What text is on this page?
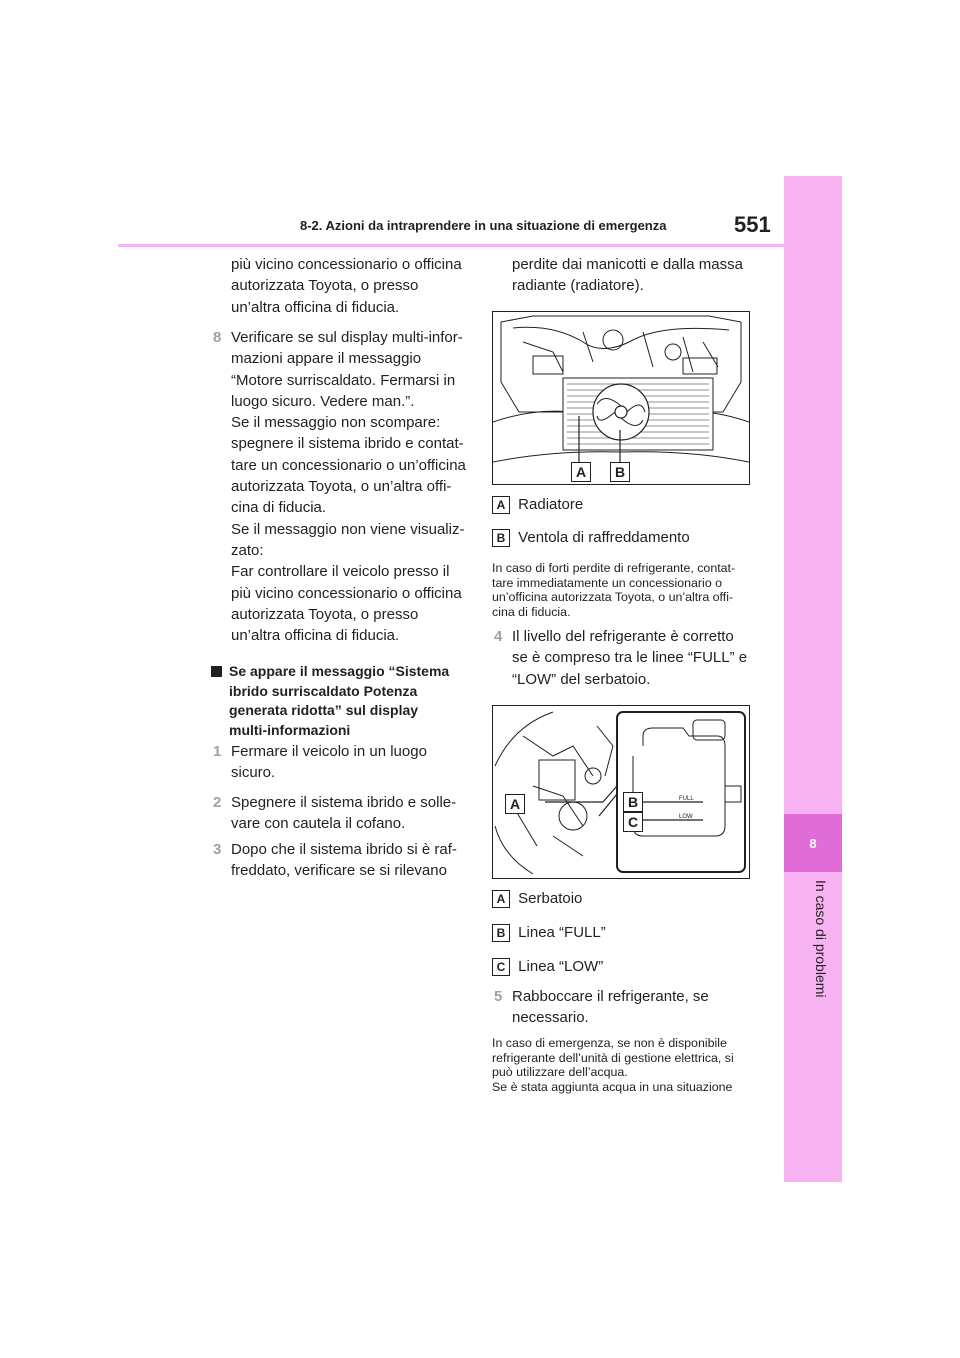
8
In caso di problemi
8-2. Azioni da intraprendere in una situazione di emergenza	551
più vicino concessionario o officina
autorizzata Toyota, o presso
un’altra officina di fiducia.
8 Verificare se sul display multi-infor-
mazioni appare il messaggio
“Motore surriscaldato. Fermarsi in
luogo sicuro. Vedere man.”.
Se il messaggio non scompare:
spegnere il sistema ibrido e contat-
tare un concessionario o un’officina
autorizzata Toyota, o un’altra offi-
cina di fiducia.
Se il messaggio non viene visualiz-
zato:
Far controllare il veicolo presso il
più vicino concessionario o officina
autorizzata Toyota, o presso
un’altra officina di fiducia.
Se appare il messaggio “Sistema
ibrido surriscaldato Potenza
generata ridotta” sul display
multi-informazioni
1 Fermare il veicolo in un luogo
sicuro.
2 Spegnere il sistema ibrido e solle-
vare con cautela il cofano.
3 Dopo che il sistema ibrido si è raf-
freddato, verificare se si rilevano
perdite dai manicotti e dalla massa
radiante (radiatore).
A	B
A Radiatore
B Ventola di raffreddamento
In caso di forti perdite di refrigerante, contat-
tare immediatamente un concessionario o
un’officina autorizzata Toyota, o un’altra offi-
cina di fiducia.
4 Il livello del refrigerante è corretto
se è compreso tra le linee “FULL” e
“LOW” del serbatoio.
FULL
LOW
A	B
C
A Serbatoio
B Linea “FULL”
C Linea “LOW”
5 Rabboccare il refrigerante, se
necessario.
In caso di emergenza, se non è disponibile
refrigerante dell’unità di gestione elettrica, si
può utilizzare dell’acqua.
Se è stata aggiunta acqua in una situazione
